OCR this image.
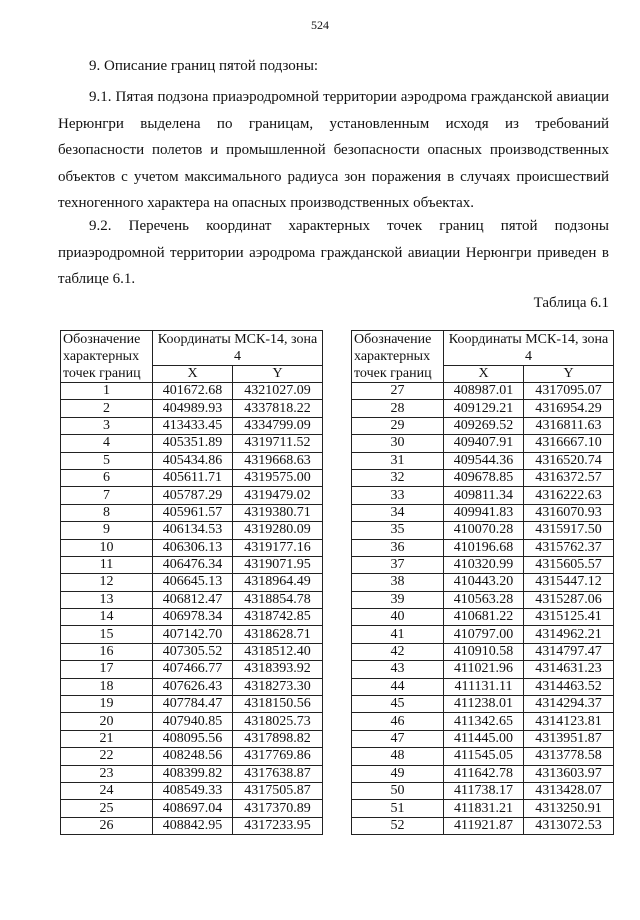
524
9. Описание границ пятой подзоны:

9.1. Пятая подзона приаэродромной территории аэродрома гражданской авиации Нерюнгри выделена по границам, установленным исходя из требований безопасности полетов и промышленной безопасности опасных производственных объектов с учетом максимального радиуса зон поражения в случаях происшествий техногенного характера на опасных производственных объектах.

9.2. Перечень координат характерных точек границ пятой подзоны приаэродромной территории аэродрома гражданской авиации Нерюнгри приведен в таблице 6.1.

Таблица 6.1
Обозначение характерных точек границ	Координаты МСК-14, зона 4	
	X	Y
1	401672.68	4321027.09
2	404989.93	4337818.22
3	413433.45	4334799.09
4	405351.89	4319711.52
5	405434.86	4319668.63
6	405611.71	4319575.00
7	405787.29	4319479.02
8	405961.57	4319380.71
9	406134.53	4319280.09
10	406306.13	4319177.16
11	406476.34	4319071.95
12	406645.13	4318964.49
13	406812.47	4318854.78
14	406978.34	4318742.85
15	407142.70	4318628.71
16	407305.52	4318512.40
17	407466.77	4318393.92
18	407626.43	4318273.30
19	407784.47	4318150.56
20	407940.85	4318025.73
21	408095.56	4317898.82
22	408248.56	4317769.86
23	408399.82	4317638.87
24	408549.33	4317505.87
25	408697.04	4317370.89
26	408842.95	4317233.95
Обозначение характерных точек границ	Координаты МСК-14, зона 4	
	X	Y
27	408987.01	4317095.07
28	409129.21	4316954.29
29	409269.52	4316811.63
30	409407.91	4316667.10
31	409544.36	4316520.74
32	409678.85	4316372.57
33	409811.34	4316222.63
34	409941.83	4316070.93
35	410070.28	4315917.50
36	410196.68	4315762.37
37	410320.99	4315605.57
38	410443.20	4315447.12
39	410563.28	4315287.06
40	410681.22	4315125.41
41	410797.00	4314962.21
42	410910.58	4314797.47
43	411021.96	4314631.23
44	411131.11	4314463.52
45	411238.01	4314294.37
46	411342.65	4314123.81
47	411445.00	4313951.87
48	411545.05	4313778.58
49	411642.78	4313603.97
50	411738.17	4313428.07
51	411831.21	4313250.91
52	411921.87	4313072.53
